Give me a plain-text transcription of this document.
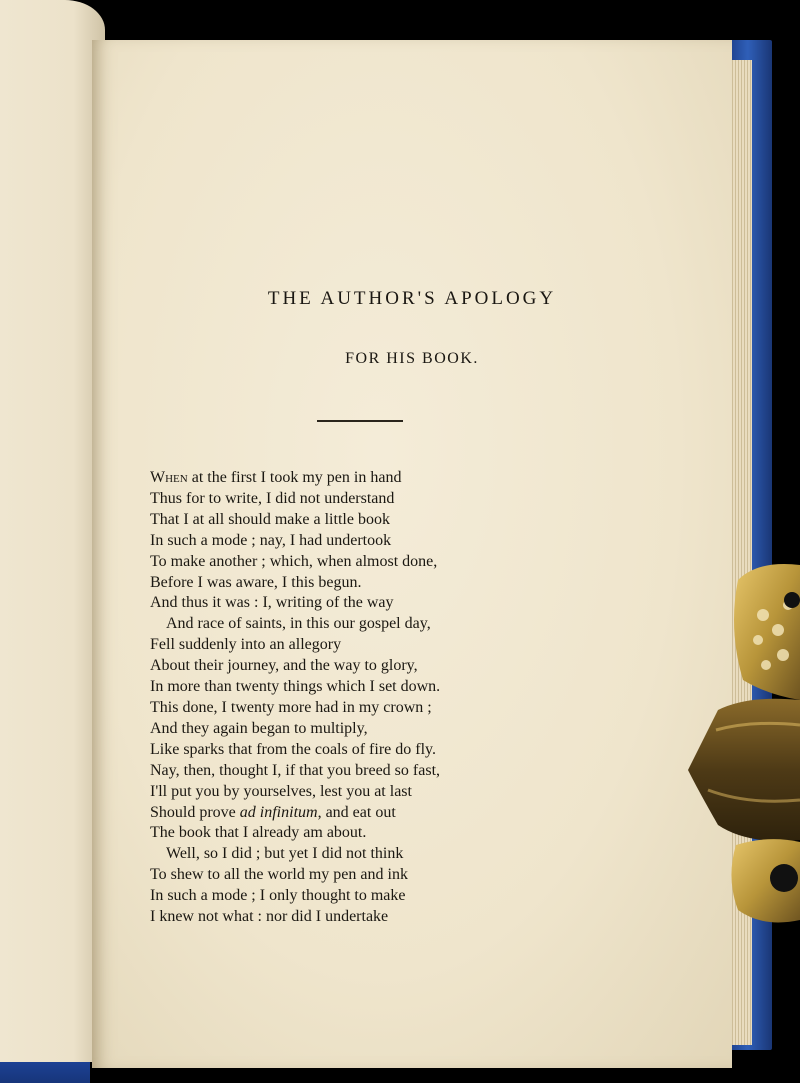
THE AUTHOR'S APOLOGY
FOR HIS BOOK.
When at the first I took my pen in hand
Thus for to write, I did not understand
That I at all should make a little book
In such a mode ; nay, I had undertook
To make another ; which, when almost done,
Before I was aware, I this begun.
And thus it was : I, writing of the way
And race of saints, in this our gospel day,
Fell suddenly into an allegory
About their journey, and the way to glory,
In more than twenty things which I set down.
This done, I twenty more had in my crown ;
And they again began to multiply,
Like sparks that from the coals of fire do fly.
Nay, then, thought I, if that you breed so fast,
I'll put you by yourselves, lest you at last
Should prove ad infinitum, and eat out
The book that I already am about.
Well, so I did ; but yet I did not think
To shew to all the world my pen and ink
In such a mode ; I only thought to make
I knew not what : nor did I undertake
